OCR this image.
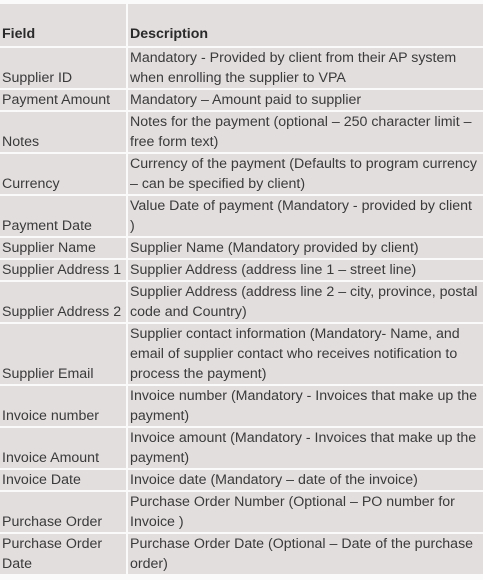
Field	Description
Supplier ID	Mandatory - Provided by client from their AP system when enrolling the supplier to VPA
Payment Amount	Mandatory – Amount paid to supplier
Notes	Notes for the payment (optional – 250 character limit – free form text)
Currency	Currency of the payment (Defaults to program currency – can be specified by client)
Payment Date	Value Date of payment (Mandatory - provided by client )
Supplier Name	Supplier Name (Mandatory provided by client)
Supplier Address 1	Supplier Address (address line 1 – street line)
Supplier Address 2	Supplier Address (address line 2 – city, province, postal code and Country)
Supplier Email	Supplier contact information (Mandatory- Name, and email of supplier contact who receives notification to process the payment)
Invoice number	Invoice number (Mandatory - Invoices that make up the payment)
Invoice Amount	Invoice amount (Mandatory - Invoices that make up the payment)
Invoice Date	Invoice date (Mandatory – date of the invoice)
Purchase Order	Purchase Order Number (Optional – PO number for Invoice )
Purchase Order Date	Purchase Order Date (Optional – Date of the purchase order)
